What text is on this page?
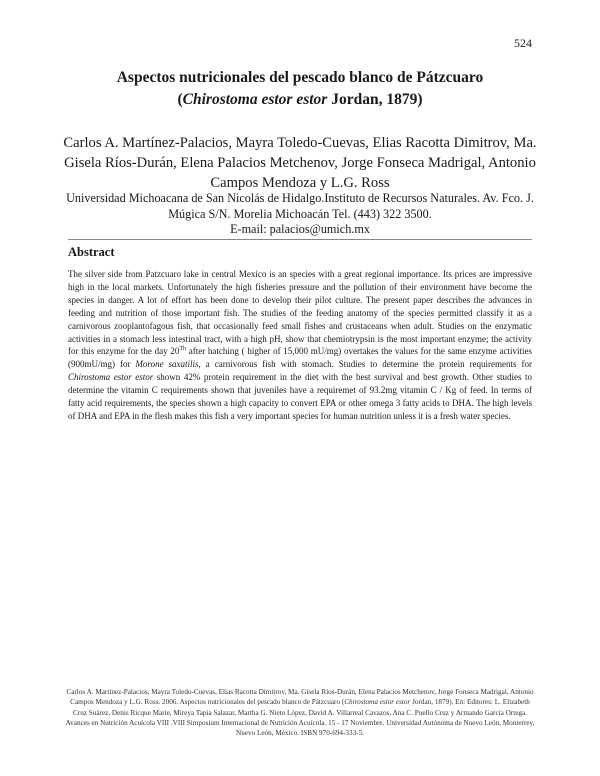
524

Aspectos nutricionales del pescado blanco de Pátzcuaro

(Chirostoma estor estor Jordan, 1879)

Carlos A. Martínez-Palacios, Mayra Toledo-Cuevas, Elias Racotta Dimitrov, Ma. Gisela Ríos-Durán, Elena Palacios Metchenov, Jorge Fonseca Madrigal, Antonio Campos Mendoza y L.G. Ross

Universidad Michoacana de San Nicolás de Hidalgo.Instituto de Recursos Naturales. Av. Fco. J. Múgica S/N. Morelia Michoacán Tel. (443) 322 3500.
E-mail: palacios@umich.mx
Abstract

The silver side from Patzcuaro lake in central Mexico is an species with a great regional importance. Its prices are impressive high in the local markets. Unfortunately the high fisheries pressure and the pollution of their environment have become the species in danger. A lot of effort has been done to develop their pilot culture. The present paper describes the advances in feeding and nutrition of those important fish. The studies of the feeding anatomy of the species permitted classify it as a carnivorous zooplantofagous fish, that occasionally feed small fishes and crustaceans when adult. Studies on the enzymatic activities in a stomach less intestinal tract, with a high pH, show that chemiotrypsin is the most important enzyme; the activity for this enzyme for the day 20Th after hatching ( higher of 15,000 mU/mg) overtakes the values for the same enzyme activities (900mU/mg) for Morone saxatilis, a carnivorous fish with stomach. Studies to determine the protein requirements for Chirostoma estor estor shown 42% protein requirement in the diet with the best survival and best growth. Other studies to determine the vitamin C requirements shown that juveniles have a requiremet of 93.2mg vitamin C / Kg of feed. In terms of fatty acid requirements, the species shown a high capacity to convert EPA or other omega 3 fatty acids to DHA. The high levels of DHA and EPA in the flesh makes this fish a very important species for human nutrition unless it is a fresh water species.

Carlos A. Martínez-Palacios, Mayra Toledo-Cuevas, Elias Racotta Dimitrov, Ma. Gisela Ríos-Durán, Elena Palacios Metchenov, Jorge Fonseca Madrigal, Antonio Campos Mendoza y L.G. Ross. 2006. Aspectos nutricionales del pescado blanco de Pátzcuaro (Chirostoma estor estor Jordan, 1879). En: Editores: L. Elizabeth Cruz Suárez, Denis Ricque Marie, Mireya Tapia Salazar, Martha G. Nieto López, David A. Villarreal Cavazos, Ana C. Puello Cruz y Armando García Ortega. Avances en Nutrición Acuícola VIII .VIII Simposium Internacional de Nutrición Acuícola. 15 - 17 Noviembre. Universidad Autónoma de Nuevo León, Monterrey, Nuevo León, México. ISBN 970-694-333-5.
